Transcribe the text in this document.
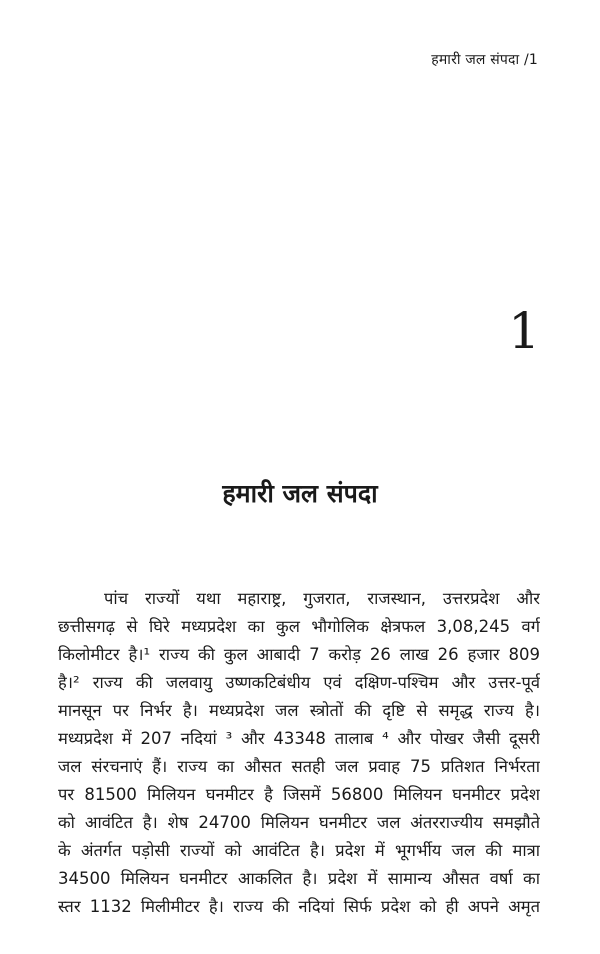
हमारी जल संपदा /1
1
हमारी जल संपदा
पांच राज्यों यथा महाराष्ट्र, गुजरात, राजस्थान, उत्तरप्रदेश और
छत्तीसगढ़ से घिरे मध्यप्रदेश का कुल भौगोलिक क्षेत्रफल 3,08,245 वर्ग
किलोमीटर है।¹ राज्य की कुल आबादी 7 करोड़ 26 लाख 26 हजार 809
है।² राज्य की जलवायु उष्णकटिबंधीय एवं दक्षिण-पश्चिम और उत्तर-पूर्व
मानसून पर निर्भर है। मध्यप्रदेश जल स्त्रोतों की दृष्टि से समृद्ध राज्य है।
मध्यप्रदेश में 207 नदियां ³ और 43348 तालाब ⁴ और पोखर जैसी दूसरी
जल संरचनाएं हैं। राज्य का औसत सतही जल प्रवाह 75 प्रतिशत निर्भरता
पर 81500 मिलियन घनमीटर है जिसमें 56800 मिलियन घनमीटर प्रदेश
को आवंटित है। शेष 24700 मिलियन घनमीटर जल अंतरराज्यीय समझौते
के अंतर्गत पड़ोसी राज्यों को आवंटित है। प्रदेश में भूगर्भीय जल की मात्रा
34500 मिलियन घनमीटर आकलित है। प्रदेश में सामान्य औसत वर्षा का
स्तर 1132 मिलीमीटर है। राज्य की नदियां सिर्फ प्रदेश को ही अपने अमृत
